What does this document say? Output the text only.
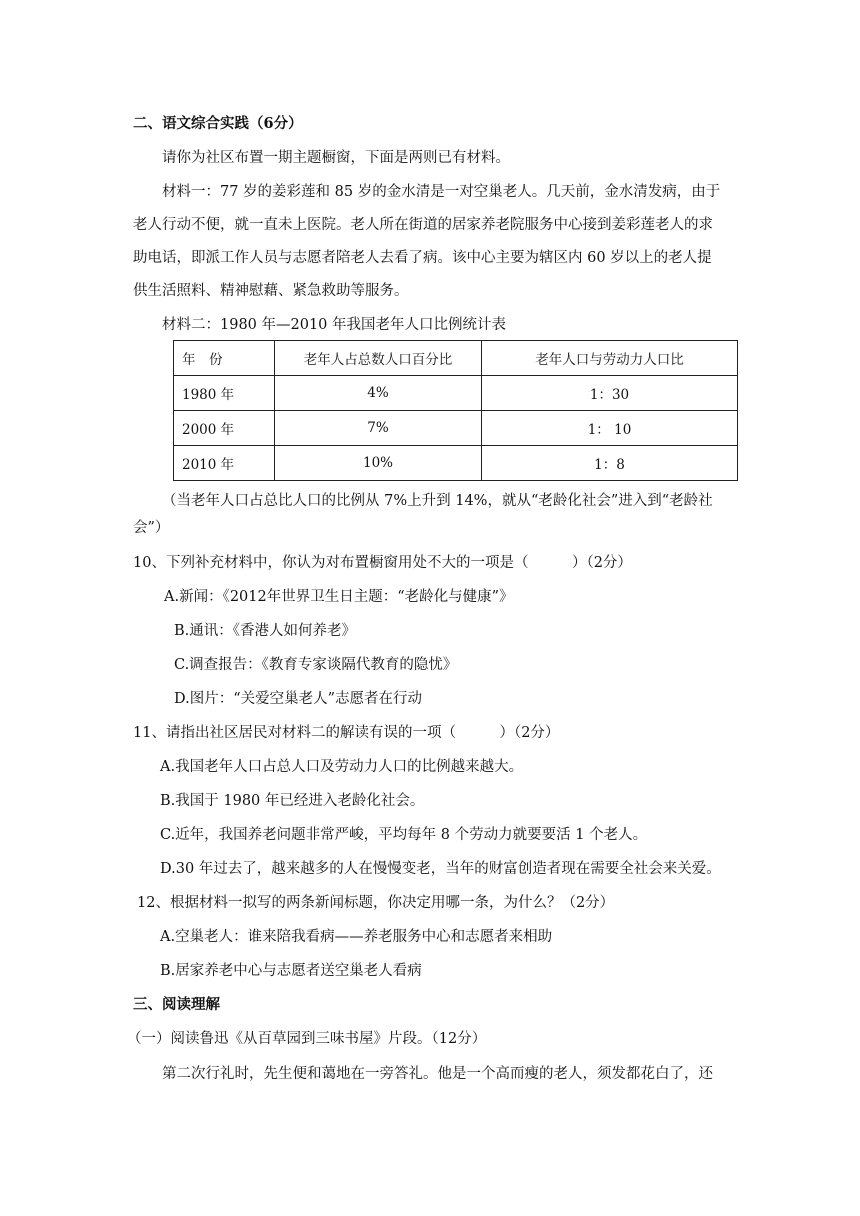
二、语文综合实践（6分）
请你为社区布置一期主题橱窗，下面是两则已有材料。
材料一：77 岁的姜彩莲和 85 岁的金水清是一对空巢老人。几天前，金水清发病，由于
老人行动不便，就一直未上医院。老人所在街道的居家养老院服务中心接到姜彩莲老人的求
助电话，即派工作人员与志愿者陪老人去看了病。该中心主要为辖区内 60 岁以上的老人提
供生活照料、精神慰藉、紧急救助等服务。
材料二：1980 年—2010 年我国老年人口比例统计表
年　份	老年人占总数人口百分比	老年人口与劳动力人口比
1980 年	4%	1：30
2000 年	7%	1： 10
2010 年	10%	1：8
（当老年人口占总比人口的比例从 7%上升到 14%，就从“老龄化社会”进入到“老龄社
会”）
10、下列补充材料中，你认为对布置橱窗用处不大的一项是（　　　）（2分）
A.新闻：《2012年世界卫生日主题：“老龄化与健康”》
B.通讯：《香港人如何养老》
C.调查报告：《教育专家谈隔代教育的隐忧》
D.图片：“关爱空巢老人”志愿者在行动
11、请指出社区居民对材料二的解读有误的一项（　　　）（2分）
A.我国老年人口占总人口及劳动力人口的比例越来越大。
B.我国于 1980 年已经进入老龄化社会。
C.近年，我国养老问题非常严峻，平均每年 8 个劳动力就要要活 1 个老人。
D.30 年过去了，越来越多的人在慢慢变老，当年的财富创造者现在需要全社会来关爱。
12、根据材料一拟写的两条新闻标题，你决定用哪一条，为什么？（2分）
A.空巢老人：谁来陪我看病——养老服务中心和志愿者来相助
B.居家养老中心与志愿者送空巢老人看病
三、阅读理解
（一）阅读鲁迅《从百草园到三味书屋》片段。（12分）
第二次行礼时，先生便和蔼地在一旁答礼。他是一个高而瘦的老人，须发都花白了，还
